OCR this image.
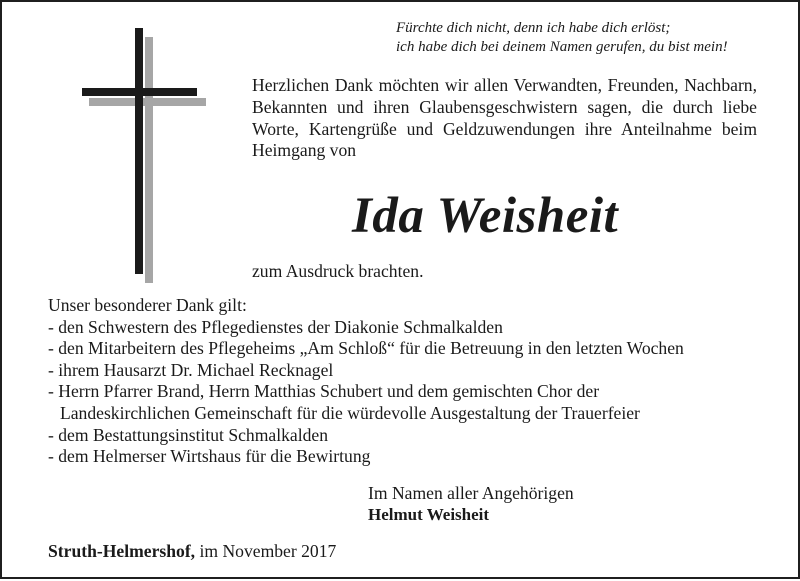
Fürchte dich nicht, denn ich habe dich erlöst;
ich habe dich bei deinem Namen gerufen, du bist mein!
Herzlichen Dank möchten wir allen Verwandten, Freunden, Nachbarn, Bekannten und ihren Glaubensgeschwistern sagen, die durch liebe Worte, Kartengrüße und Geldzuwendungen ihre Anteilnahme beim Heimgang von
Ida Weisheit
zum Ausdruck brachten.
Unser besonderer Dank gilt:
- den Schwestern des Pflegedienstes der Diakonie Schmalkalden
- den Mitarbeitern des Pflegeheims „Am Schloß“ für die Betreuung in den letzten Wochen
- ihrem Hausarzt Dr. Michael Recknagel
- Herrn Pfarrer Brand, Herrn Matthias Schubert und dem gemischten Chor der Landeskirchlichen Gemeinschaft für die würdevolle Ausgestaltung der Trauerfeier
- dem Bestattungsinstitut Schmalkalden
- dem Helmerser Wirtshaus für die Bewirtung
Im Namen aller Angehörigen
Helmut Weisheit
Struth-Helmershof, im November 2017
